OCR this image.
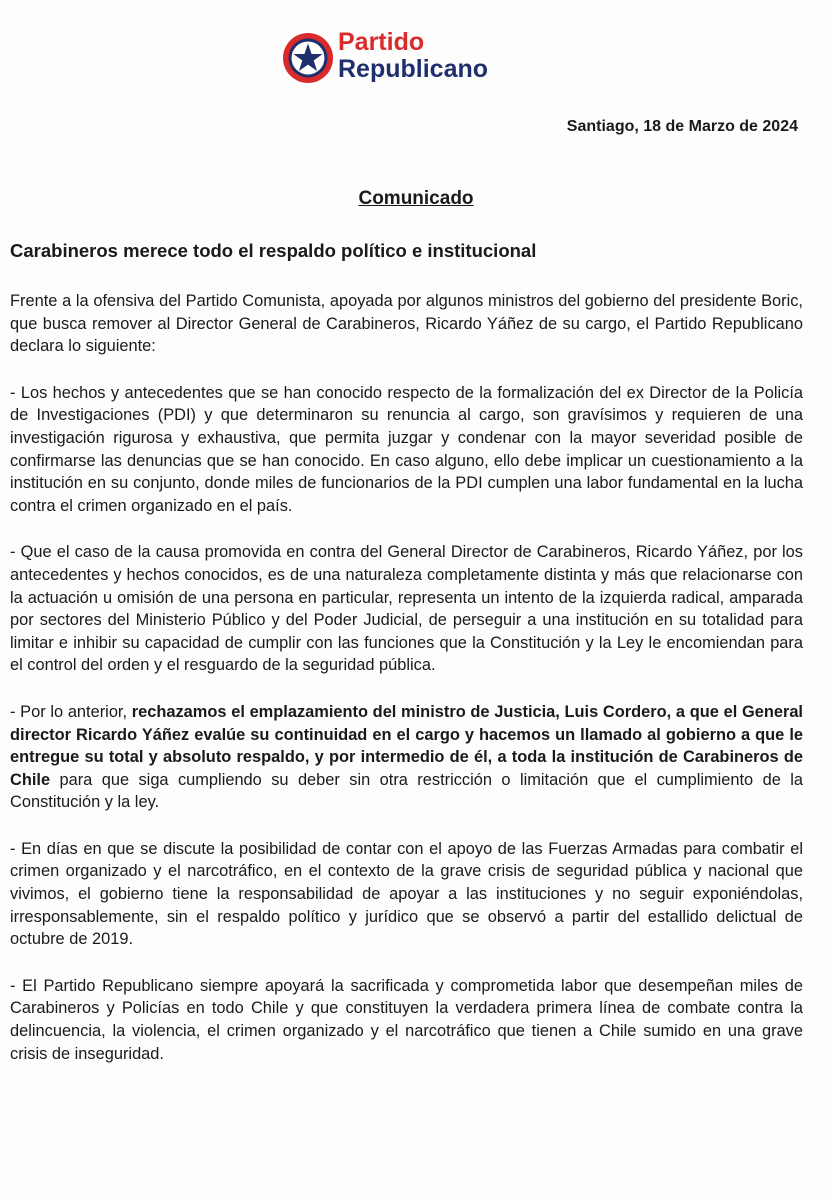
Partido
Republicano
Santiago, 18 de Marzo de 2024
Comunicado
Carabineros merece todo el respaldo político e institucional

Frente a la ofensiva del Partido Comunista, apoyada por algunos ministros del gobierno del presidente Boric, que busca remover al Director General de Carabineros, Ricardo Yáñez de su cargo, el Partido Republicano declara lo siguiente:

- Los hechos y antecedentes que se han conocido respecto de la formalización del ex Director de la Policía de Investigaciones (PDI) y que determinaron su renuncia al cargo, son gravísimos y requieren de una investigación rigurosa y exhaustiva, que permita juzgar y condenar con la mayor severidad posible de confirmarse las denuncias que se han conocido. En caso alguno, ello debe implicar un cuestionamiento a la institución en su conjunto, donde miles de funcionarios de la PDI cumplen una labor fundamental en la lucha contra el crimen organizado en el país.

- Que el caso de la causa promovida en contra del General Director de Carabineros, Ricardo Yáñez, por los antecedentes y hechos conocidos, es de una naturaleza completamente distinta y más que relacionarse con la actuación u omisión de una persona en particular, representa un intento de la izquierda radical, amparada por sectores del Ministerio Público y del Poder Judicial, de perseguir a una institución en su totalidad para limitar e inhibir su capacidad de cumplir con las funciones que la Constitución y la Ley le encomiendan para el control del orden y el resguardo de la seguridad pública.

- Por lo anterior, rechazamos el emplazamiento del ministro de Justicia, Luis Cordero, a que el General director Ricardo Yáñez evalúe su continuidad en el cargo y hacemos un llamado al gobierno a que le entregue su total y absoluto respaldo, y por intermedio de él, a toda la institución de Carabineros de Chile para que siga cumpliendo su deber sin otra restricción o limitación que el cumplimiento de la Constitución y la ley.

- En días en que se discute la posibilidad de contar con el apoyo de las Fuerzas Armadas para combatir el crimen organizado y el narcotráfico, en el contexto de la grave crisis de seguridad pública y nacional que vivimos, el gobierno tiene la responsabilidad de apoyar a las instituciones y no seguir exponiéndolas, irresponsablemente, sin el respaldo político y jurídico que se observó a partir del estallido delictual de octubre de 2019.

- El Partido Republicano siempre apoyará la sacrificada y comprometida labor que desempeñan miles de Carabineros y Policías en todo Chile y que constituyen la verdadera primera línea de combate contra la delincuencia, la violencia, el crimen organizado y el narcotráfico que tienen a Chile sumido en una grave crisis de inseguridad.
